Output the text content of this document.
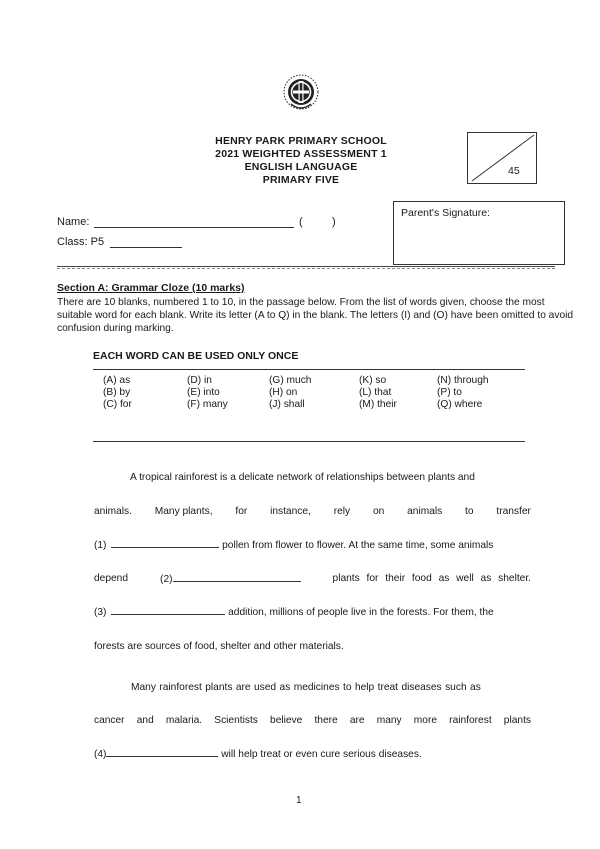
HENRY PARK PRIMARY SCHOOL
2021 WEIGHTED ASSESSMENT 1
ENGLISH LANGUAGE
PRIMARY FIVE
45
Parent's Signature:
Name:	(	)
Class: P5
Section A: Grammar Cloze (10 marks)
There are 10 blanks, numbered 1 to 10, in the passage below. From the list of words given, choose the most suitable word for each blank. Write its letter (A to Q) in the blank. The letters (I) and (O) have been omitted to avoid confusion during marking.
EACH WORD CAN BE USED ONLY ONCE
(A) as	(D) in	(G) much	(K) so	(N) through
(B) by	(E) into	(H) on	(L) that	(P) to
(C) for	(F) many	(J) shall	(M) their	(Q) where
A tropical rainforest is a delicate network of relationships between plants and
animals. Many plants, for instance, rely on animals to transfer
(1)	pollen from flower to flower. At the same time, some animals
depend	(2)	plants for their food as well as shelter.
(3)	addition, millions of people live in the forests. For them, the
forests are sources of food, shelter and other materials.
Many rainforest plants are used as medicines to help treat diseases such as
cancer and malaria. Scientists believe there are many more rainforest plants
(4)	will help treat or even cure serious diseases.
1
